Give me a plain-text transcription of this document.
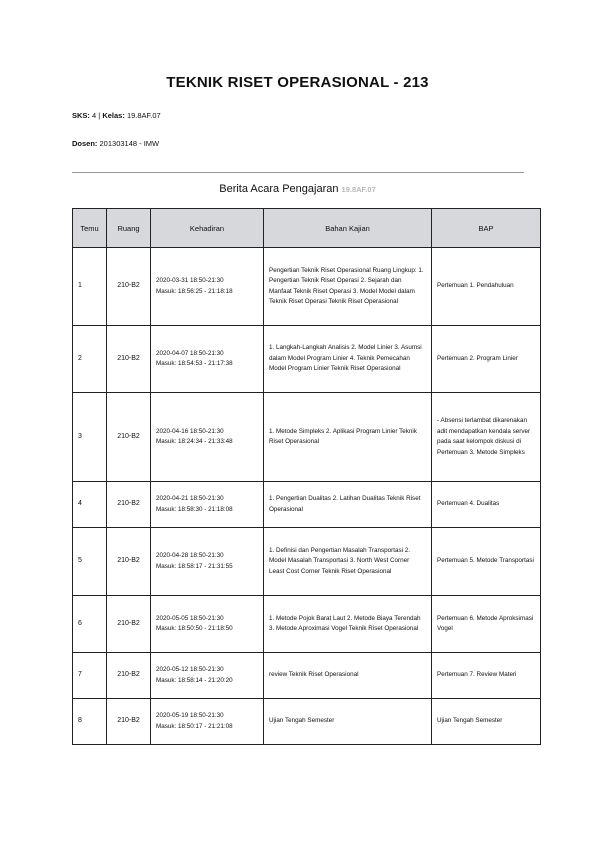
TEKNIK RISET OPERASIONAL - 213
SKS: 4 | Kelas: 19.8AF.07
Dosen: 201303148 - IMW
Berita Acara Pengajaran 19.8AF.07
Temu	Ruang	Kehadiran	Bahan Kajian	BAP
1	210-B2	2020-03-31 18:50-21:30
Masuk: 18:56:25 - 21:18:18	Pengertian Teknik Riset Operasional Ruang Lingkup: 1. Pengertian Teknik Riset Operasi 2. Sejarah dan Manfaat Teknik Riset Operasi 3. Model Model dalam Teknik Riset Operasi Teknik Riset Operasional	Pertemuan 1. Pendahuluan
2	210-B2	2020-04-07 18:50-21:30
Masuk: 18:54:53 - 21:17:38	1. Langkah-Langkah Analisis 2. Model Linier 3. Asumsi dalam Model Program Linier 4. Teknik Pemecahan Model Program Linier Teknik Riset Operasional	Pertemuan 2. Program Linier
3	210-B2	2020-04-16 18:50-21:30
Masuk: 18:24:34 - 21:33:48	1. Metode Simpleks 2. Aplikasi Program Linier Teknik Riset Operasional	- Absensi terlambat dikarenakan adit mendapatkan kendala server pada saat kelompok diskusi di Pertemuan 3. Metode Simpleks
4	210-B2	2020-04-21 18:50-21:30
Masuk: 18:58:30 - 21:18:08	1. Pengertian Dualitas 2. Latihan Dualitas Teknik Riset Operasional	Pertemuan 4. Dualitas
5	210-B2	2020-04-28 18:50-21:30
Masuk: 18:58:17 - 21:31:55	1. Definisi dan Pengertian Masalah Transportasi 2. Model Masalah Transportasi 3. North West Corner Least Cost Corner Teknik Riset Operasional	Pertemuan 5. Metode Transportasi
6	210-B2	2020-05-05 18:50-21:30
Masuk: 18:50:50 - 21:18:50	1. Metode Pojok Barat Laut 2. Metode Biaya Terendah 3. Metode Aproximasi Vogel Teknik Riset Operasional	Pertemuan 6. Metode Aproksimasi Vogel
7	210-B2	2020-05-12 18:50-21:30
Masuk: 18:58:14 - 21:20:20	review Teknik Riset Operasional	Pertemuan 7. Review Materi
8	210-B2	2020-05-19 18:50-21:30
Masuk: 18:50:17 - 21:21:08	Ujian Tengah Semester	Ujian Tengah Semester
